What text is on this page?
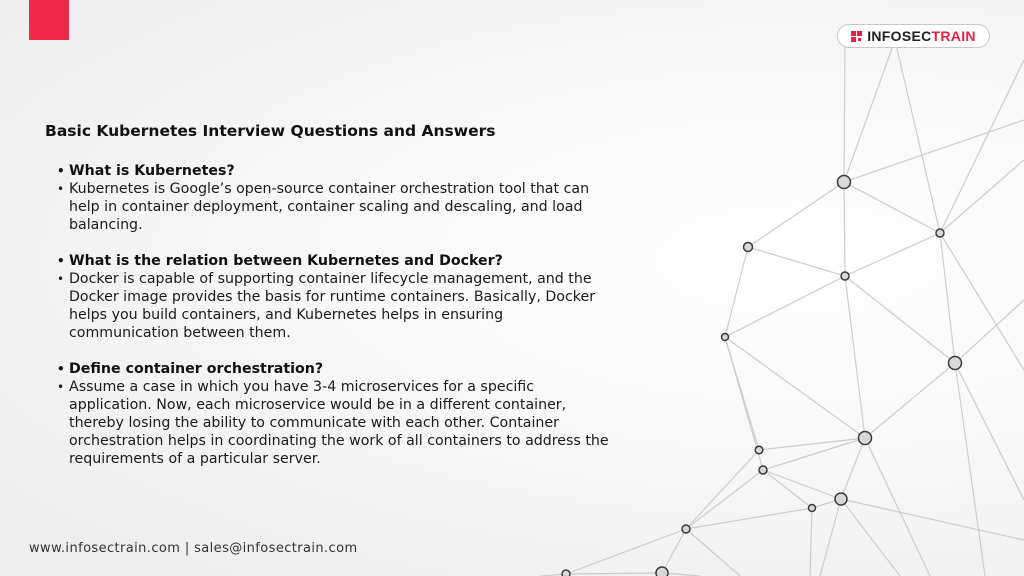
INFOSEC TRAIN
Basic Kubernetes Interview Questions and Answers
• What is Kubernetes?
• Kubernetes is Google’s open-source container orchestration tool that can help in container deployment, container scaling and descaling, and load balancing.
• What is the relation between Kubernetes and Docker?
• Docker is capable of supporting container lifecycle management, and the Docker image provides the basis for runtime containers. Basically, Docker helps you build containers, and Kubernetes helps in ensuring communication between them.
• Define container orchestration?
• Assume a case in which you have 3-4 microservices for a specific application. Now, each microservice would be in a different container, thereby losing the ability to communicate with each other. Container orchestration helps in coordinating the work of all containers to address the requirements of a particular server.
www.infosectrain.com | sales@infosectrain.com
